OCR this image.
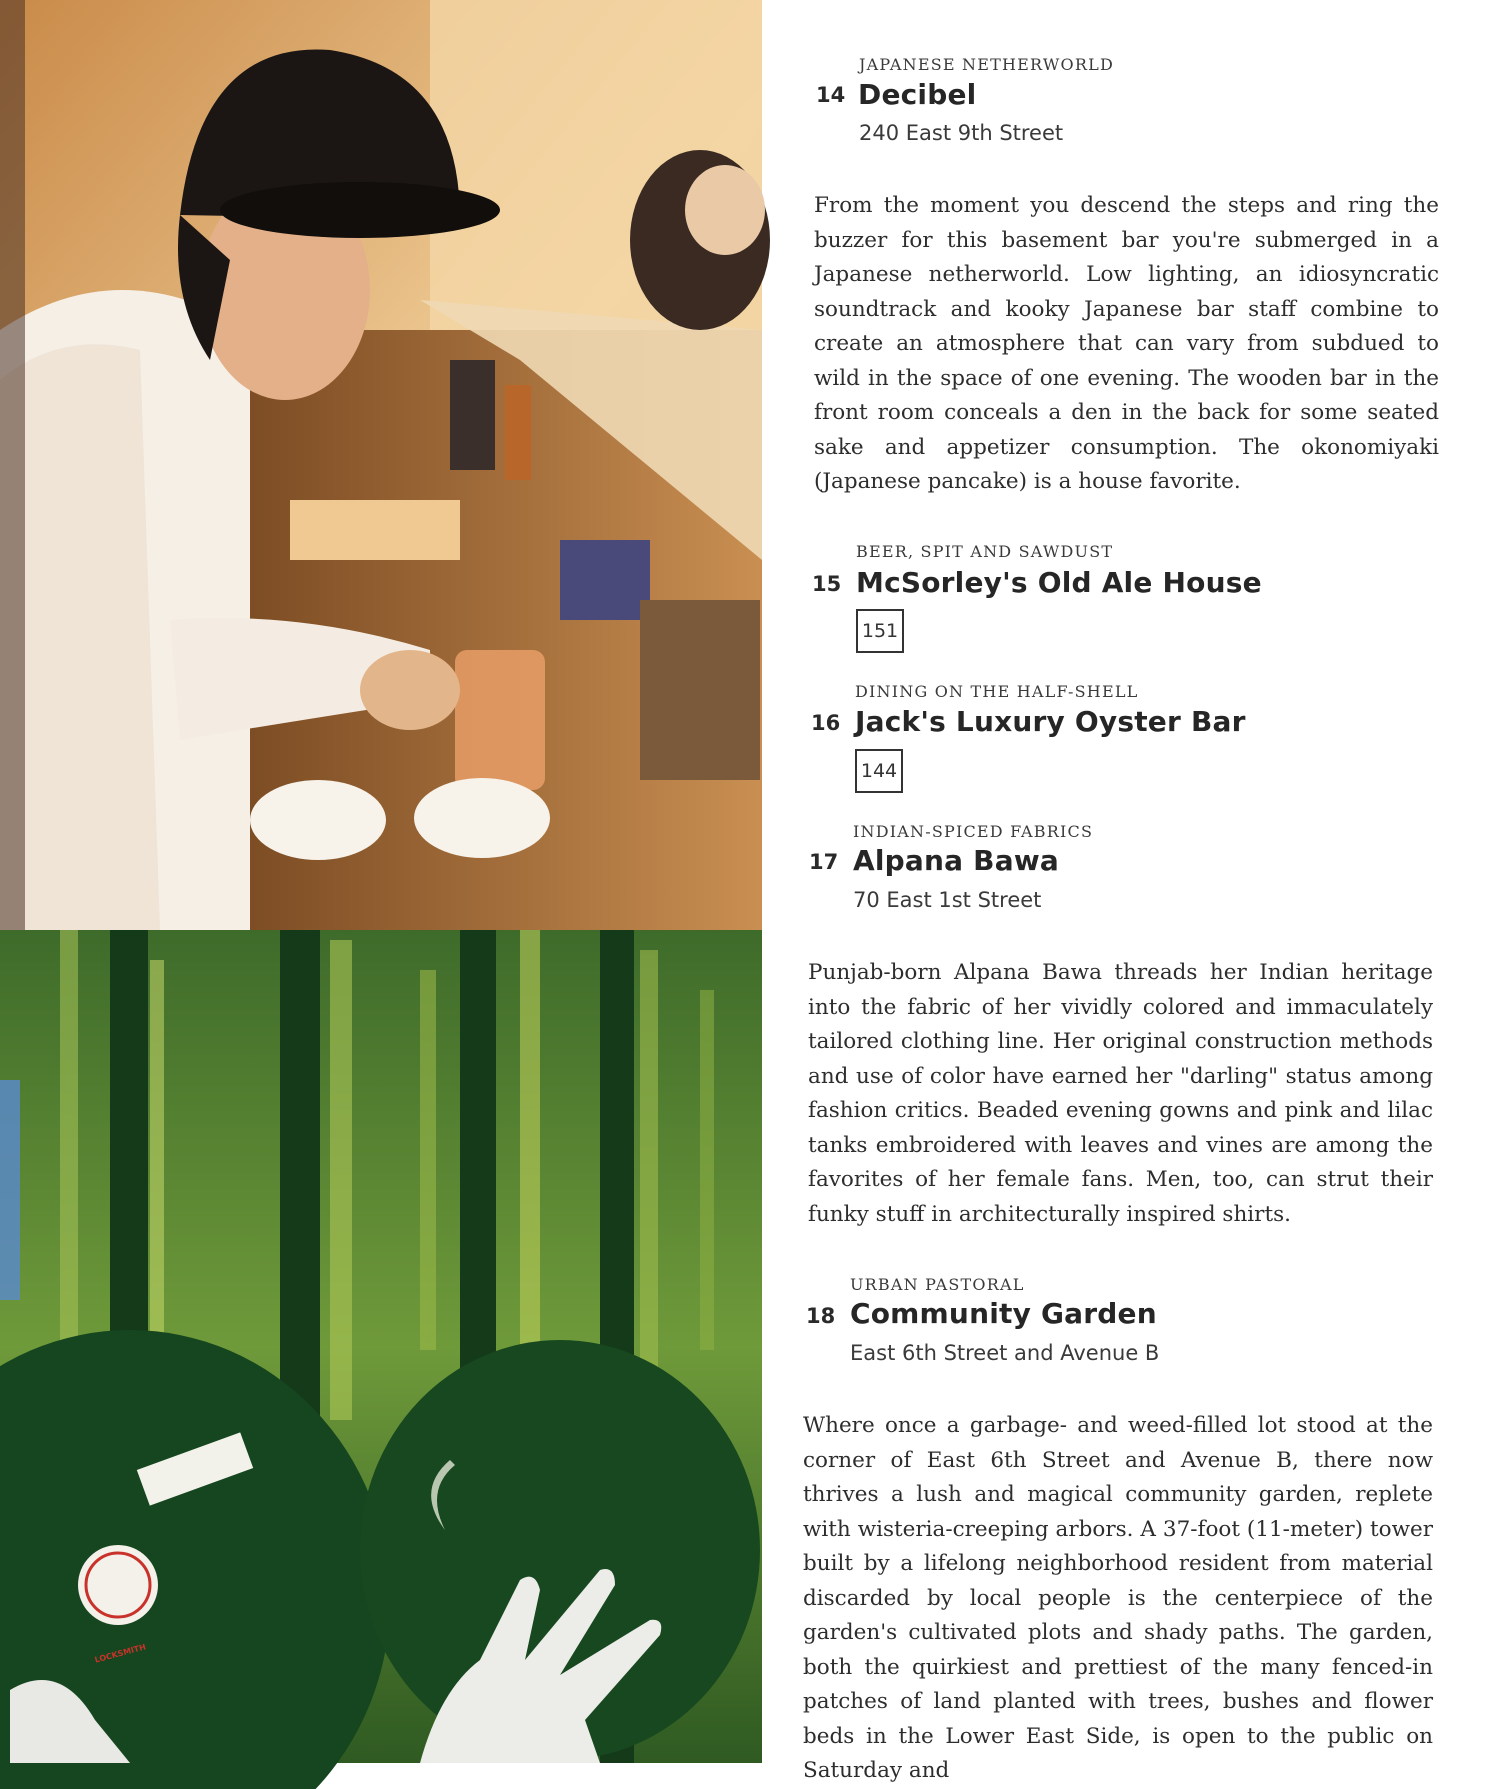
LOCKSMITH
JAPANESE NETHERWORLD
14 Decibel
240 East 9th Street
From the moment you descend the steps and ring the buzzer for this basement bar you're submerged in a Japanese netherworld. Low lighting, an idiosyncratic soundtrack and kooky Japanese bar staff combine to create an atmosphere that can vary from subdued to wild in the space of one evening. The wooden bar in the front room conceals a den in the back for some seated sake and appetizer consumption. The okonomiyaki (Japanese pancake) is a house favorite.
BEER, SPIT AND SAWDUST
15 McSorley's Old Ale House
151
DINING ON THE HALF-SHELL
16 Jack's Luxury Oyster Bar
144
INDIAN-SPICED FABRICS
17 Alpana Bawa
70 East 1st Street
Punjab-born Alpana Bawa threads her Indian heritage into the fabric of her vividly colored and immaculately tailored clothing line. Her original construction methods and use of color have earned her "darling" status among fashion critics. Beaded evening gowns and pink and lilac tanks embroidered with leaves and vines are among the favorites of her female fans. Men, too, can strut their funky stuff in architecturally inspired shirts.
URBAN PASTORAL
18 Community Garden
East 6th Street and Avenue B
Where once a garbage- and weed-filled lot stood at the corner of East 6th Street and Avenue B, there now thrives a lush and magical community garden, replete with wisteria-creeping arbors. A 37-foot (11-meter) tower built by a lifelong neighborhood resident from material discarded by local people is the centerpiece of the garden's cultivated plots and shady paths. The garden, both the quirkiest and prettiest of the many fenced-in patches of land planted with trees, bushes and flower beds in the Lower East Side, is open to the public on Saturday and
